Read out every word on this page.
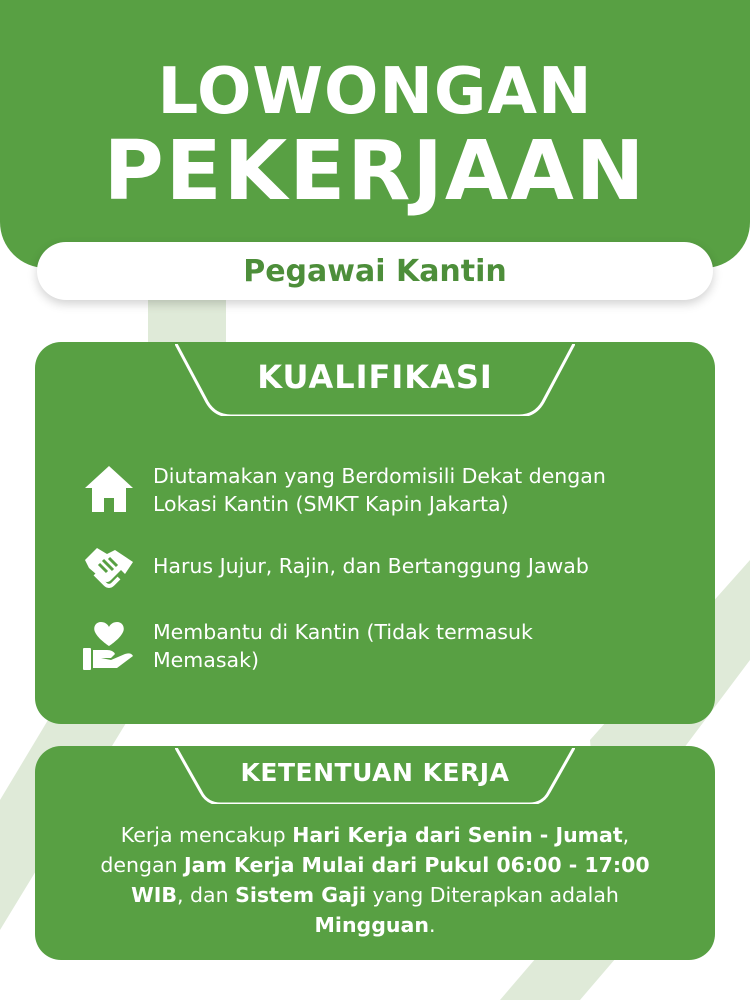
LOWONGAN
PEKERJAAN
Pegawai Kantin
KUALIFIKASI
Diutamakan yang Berdomisili Dekat dengan
Lokasi Kantin (SMKT Kapin Jakarta)
Harus Jujur, Rajin, dan Bertanggung Jawab
Membantu di Kantin (Tidak termasuk
Memasak)
KETENTUAN KERJA
Kerja mencakup Hari Kerja dari Senin - Jumat,
dengan Jam Kerja Mulai dari Pukul 06:00 - 17:00
WIB, dan Sistem Gaji yang Diterapkan adalah
Mingguan.
